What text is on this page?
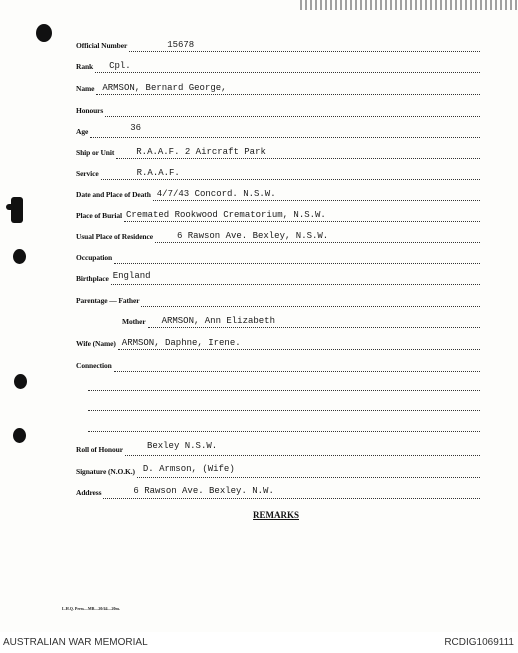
Official Number	15678
Rank Cpl.
Name ARMSON, Bernard George,
Honours
Age	36
Ship or Unit R.A.A.F. 2 Aircraft Park
Service	R.A.A.F.
Date and Place of Death 4/7/43 Concord. N.S.W.
Place of Burial Cremated Rookwood Crematorium, N.S.W.
Usual Place of Residence	6 Rawson Ave. Bexley, N.S.W.
Occupation
Birthplace England
Parentage — Father
Mother ARMSON, Ann Elizabeth
Wife (Name) ARMSON, Daphne, Irene.
Connection
Roll of Honour	Bexley N.S.W.
Signature (N.O.K.) D. Armson, (Wife)
Address	6 Rawson Ave. Bexley. N.W.
REMARKS
L.H.Q. Press—MB—20/44—20m.
AUSTRALIAN WAR MEMORIAL	RCDIG1069111
